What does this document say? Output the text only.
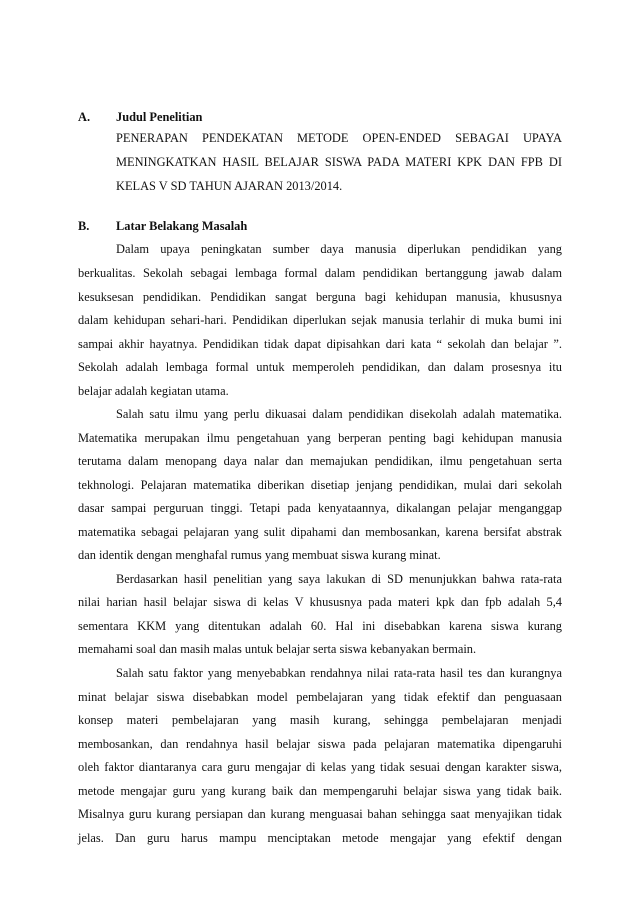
A. Judul Penelitian
PENERAPAN PENDEKATAN METODE OPEN-ENDED SEBAGAI UPAYA
MENINGKATKAN HASIL BELAJAR SISWA PADA MATERI KPK DAN FPB DI
KELAS V SD TAHUN AJARAN 2013/2014.
B. Latar Belakang Masalah
Dalam upaya peningkatan sumber daya manusia diperlukan pendidikan yang
berkualitas. Sekolah sebagai lembaga formal dalam pendidikan bertanggung jawab dalam
kesuksesan pendidikan. Pendidikan sangat berguna bagi kehidupan manusia, khususnya
dalam kehidupan sehari-hari. Pendidikan diperlukan sejak manusia terlahir di muka bumi ini
sampai akhir hayatnya. Pendidikan tidak dapat dipisahkan dari kata “ sekolah dan belajar ”.
Sekolah adalah lembaga formal untuk memperoleh pendidikan, dan dalam prosesnya itu
belajar adalah kegiatan utama.
Salah satu ilmu yang perlu dikuasai dalam pendidikan disekolah adalah matematika.
Matematika merupakan ilmu pengetahuan yang berperan penting bagi kehidupan manusia
terutama dalam menopang daya nalar dan memajukan pendidikan, ilmu pengetahuan serta
tekhnologi. Pelajaran matematika diberikan disetiap jenjang pendidikan, mulai dari sekolah
dasar sampai perguruan tinggi. Tetapi pada kenyataannya, dikalangan pelajar menganggap
matematika sebagai pelajaran yang sulit dipahami dan membosankan, karena bersifat abstrak
dan identik dengan menghafal rumus yang membuat siswa kurang minat.
Berdasarkan hasil penelitian yang saya lakukan di SD menunjukkan bahwa rata-rata
nilai harian hasil belajar siswa di kelas V khususnya pada materi kpk dan fpb adalah 5,4
sementara KKM yang ditentukan adalah 60. Hal ini disebabkan karena siswa kurang
memahami soal dan masih malas untuk belajar serta siswa kebanyakan bermain.
Salah satu faktor yang menyebabkan rendahnya nilai rata-rata hasil tes dan kurangnya
minat belajar siswa disebabkan model pembelajaran yang tidak efektif dan penguasaan
konsep materi pembelajaran yang masih kurang, sehingga pembelajaran menjadi
membosankan, dan rendahnya hasil belajar siswa pada pelajaran matematika dipengaruhi
oleh faktor diantaranya cara guru mengajar di kelas yang tidak sesuai dengan karakter siswa,
metode mengajar guru yang kurang baik dan mempengaruhi belajar siswa yang tidak baik.
Misalnya guru kurang persiapan dan kurang menguasai bahan sehingga saat menyajikan tidak
jelas. Dan guru harus mampu menciptakan metode mengajar yang efektif dengan
